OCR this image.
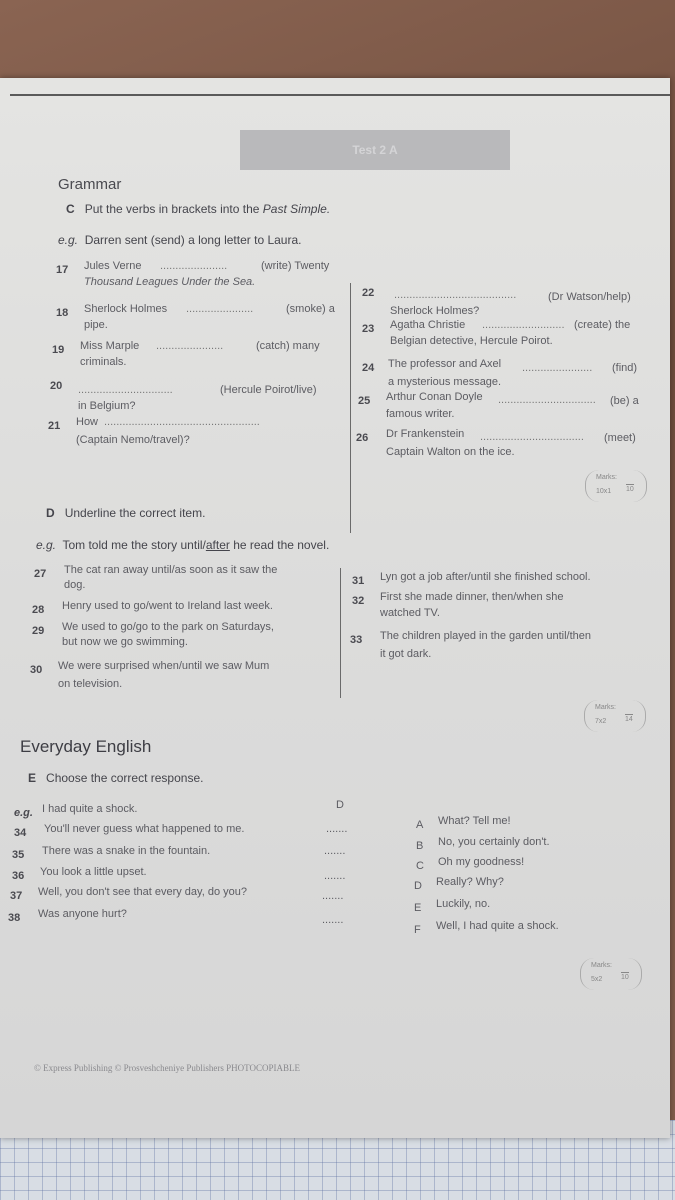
Test 2 A
Grammar
C Put the verbs in brackets into the Past Simple.
e.g. Darren sent (send) a long letter to Laura.
17 Jules Verne ......................	(write) Twenty
Thousand Leagues Under the Sea.
18 Sherlock Holmes ......................	(smoke) a
pipe.
19 Miss Marple ......................	(catch) many
criminals.
20 ...............................	(Hercule Poirot/live)
in Belgium?
21 How ...................................................
(Captain Nemo/travel)?
22 ........................................	(Dr Watson/help)
Sherlock Holmes?
23 Agatha Christie ........................... (create) the
Belgian detective, Hercule Poirot.
24 The professor and Axel ....................... (find)
a mysterious message.
25 Arthur Conan Doyle ................................ (be) a
famous writer.
26 Dr Frankenstein .................................. (meet)
Captain Walton on the ice.
Marks:
10x1 10
D Underline the correct item.
e.g. Tom told me the story until/after he read the novel.
27 The cat ran away until/as soon as it saw the
dog.
28 Henry used to go/went to Ireland last week.
29 We used to go/go to the park on Saturdays,
but now we go swimming.
30 We were surprised when/until we saw Mum
on television.
31 Lyn got a job after/until she finished school.
32 First she made dinner, then/when she
watched TV.
33 The children played in the garden until/then
it got dark.
Marks:
7x2	14
Everyday English
E Choose the correct response.
e.g. I had quite a shock.	D
34 You'll never guess what happened to me.	.......
35 There was a snake in the fountain.	.......
36 You look a little upset.	.......
37 Well, you don't see that every day, do you?	.......
38 Was anyone hurt?	.......
A What? Tell me!
B No, you certainly don't.
C Oh my goodness!
D Really? Why?
E Luckily, no.
F Well, I had quite a shock.
Marks:
5x2	10
© Express Publishing © Prosveshcheniye Publishers PHOTOCOPIABLE
